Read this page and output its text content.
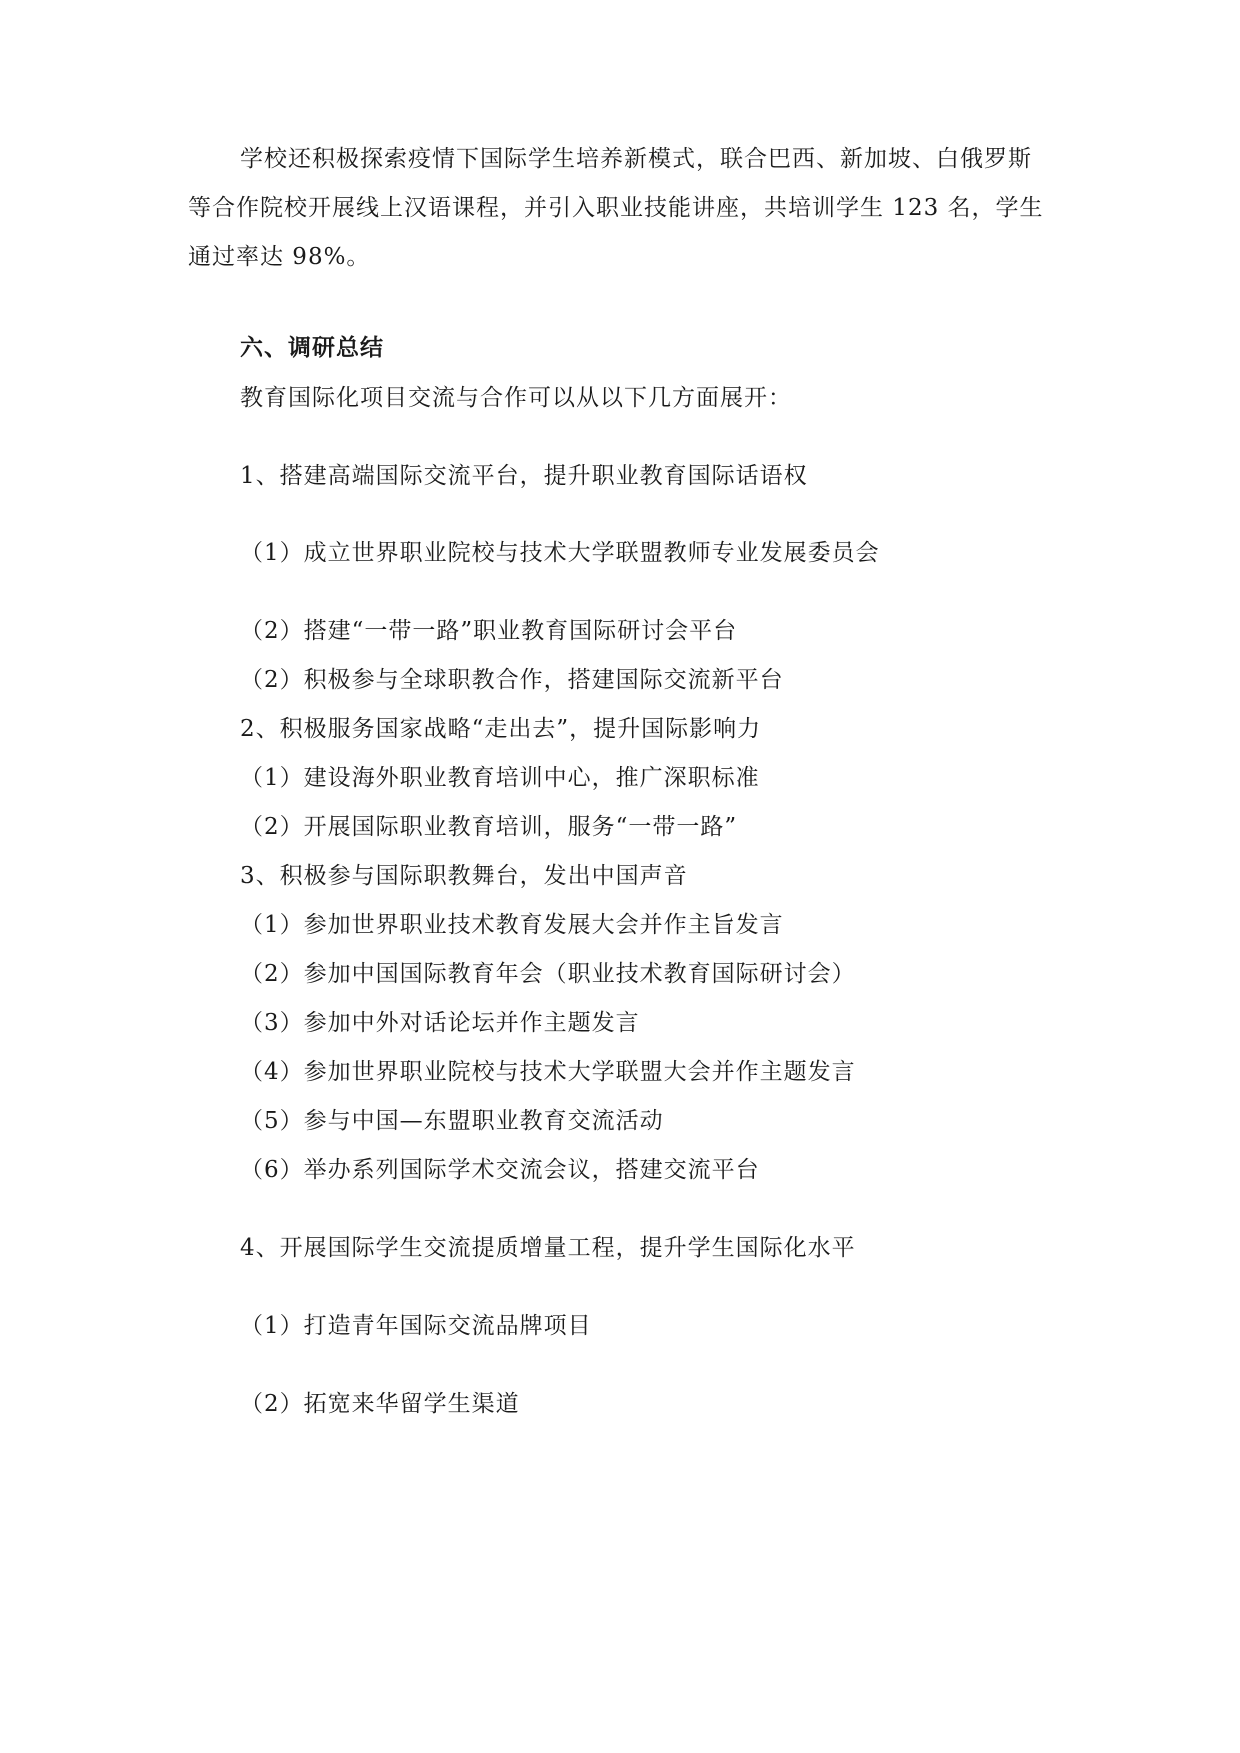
学校还积极探索疫情下国际学生培养新模式，联合巴西、新加坡、白俄罗斯
等合作院校开展线上汉语课程，并引入职业技能讲座，共培训学生 123 名，学生
通过率达 98%。
六、调研总结
教育国际化项目交流与合作可以从以下几方面展开：
1、搭建高端国际交流平台，提升职业教育国际话语权
（1）成立世界职业院校与技术大学联盟教师专业发展委员会
（2）搭建“一带一路”职业教育国际研讨会平台
（2）积极参与全球职教合作，搭建国际交流新平台
2、积极服务国家战略“走出去”，提升国际影响力
（1）建设海外职业教育培训中心，推广深职标准
（2）开展国际职业教育培训，服务“一带一路”
3、积极参与国际职教舞台，发出中国声音
（1）参加世界职业技术教育发展大会并作主旨发言
（2）参加中国国际教育年会（职业技术教育国际研讨会）
（3）参加中外对话论坛并作主题发言
（4）参加世界职业院校与技术大学联盟大会并作主题发言
（5）参与中国—东盟职业教育交流活动
（6）举办系列国际学术交流会议，搭建交流平台
4、开展国际学生交流提质增量工程，提升学生国际化水平
（1）打造青年国际交流品牌项目
（2）拓宽来华留学生渠道
